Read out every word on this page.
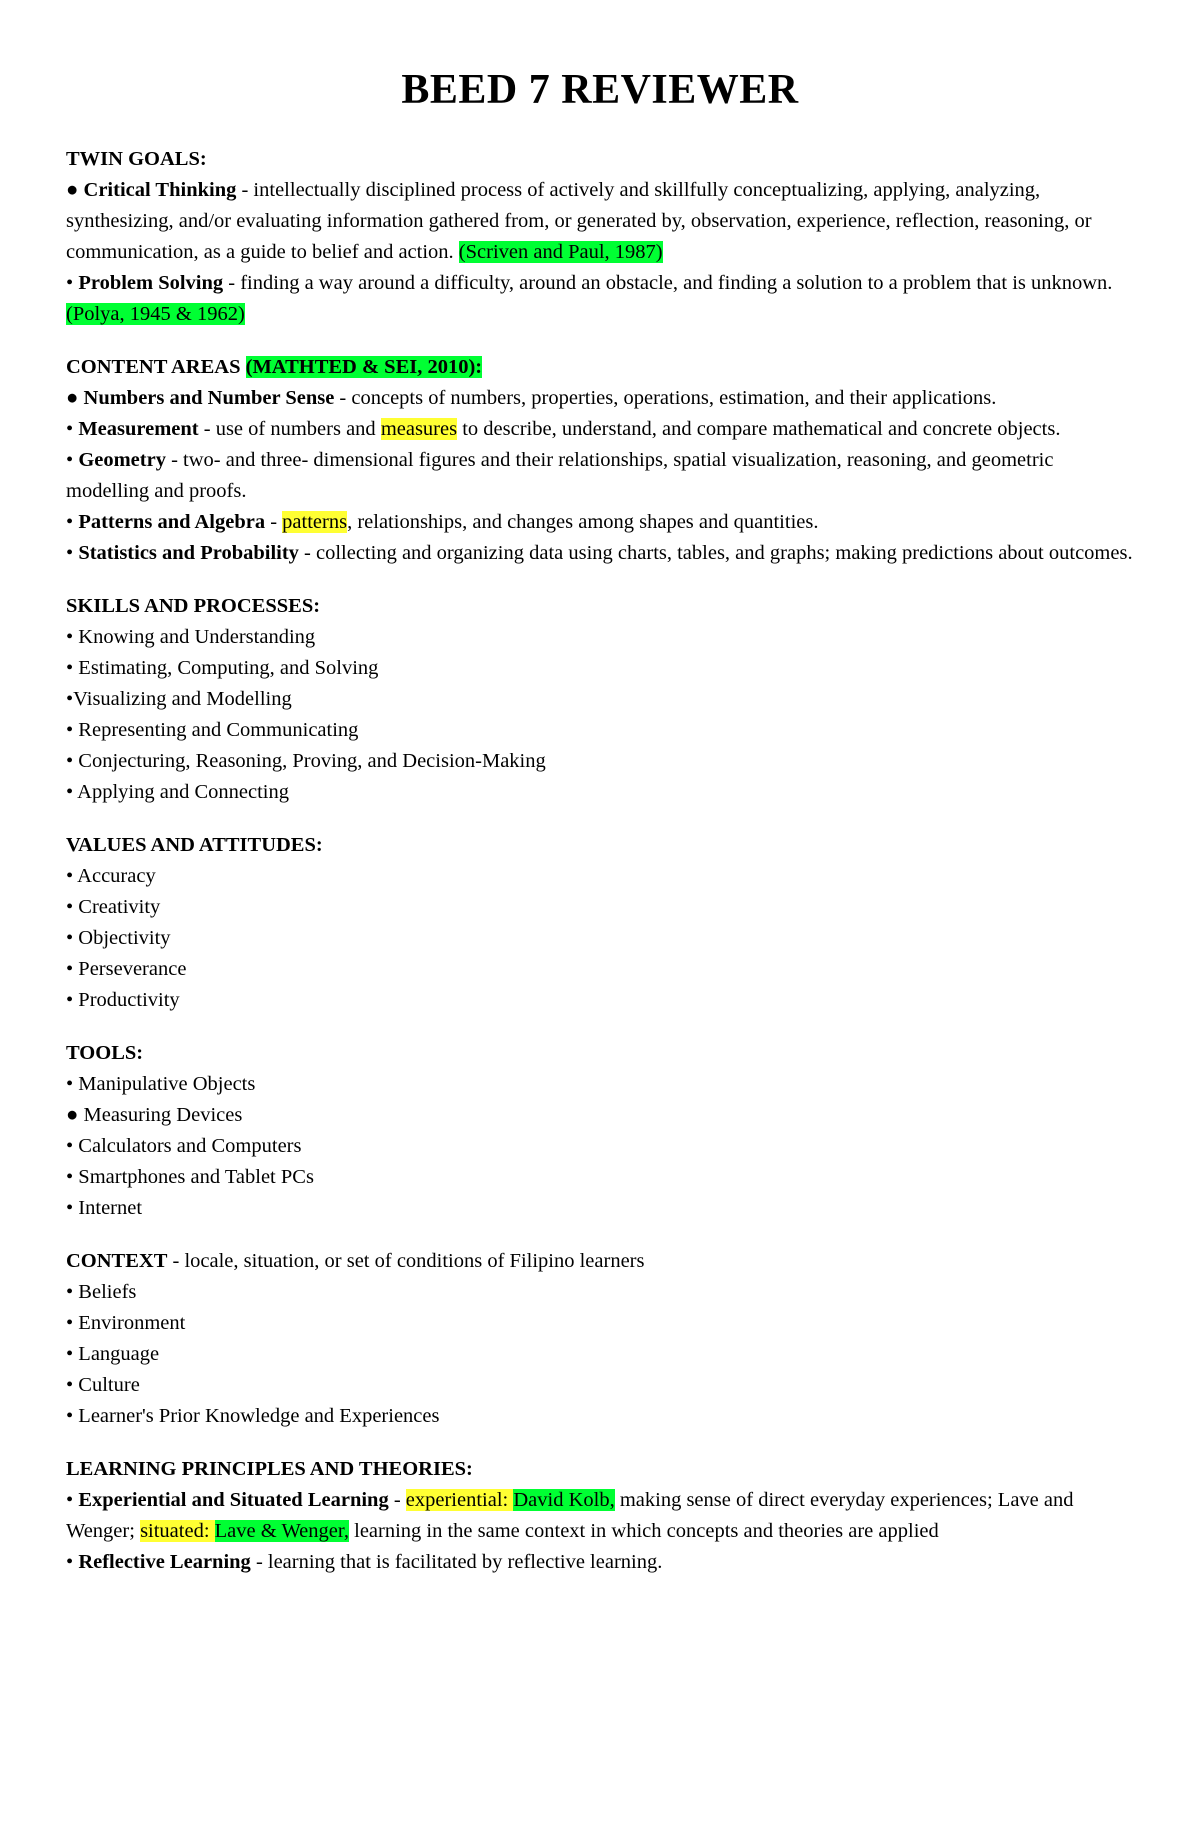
BEED 7 REVIEWER
TWIN GOALS:
● Critical Thinking - intellectually disciplined process of actively and skillfully conceptualizing, applying, analyzing, synthesizing, and/or evaluating information gathered from, or generated by, observation, experience, reflection, reasoning, or communication, as a guide to belief and action. (Scriven and Paul, 1987)
• Problem Solving - finding a way around a difficulty, around an obstacle, and finding a solution to a problem that is unknown. (Polya, 1945 & 1962)
CONTENT AREAS (MATHTED & SEI, 2010):
● Numbers and Number Sense - concepts of numbers, properties, operations, estimation, and their applications.
• Measurement - use of numbers and measures to describe, understand, and compare mathematical and concrete objects.
• Geometry - two- and three- dimensional figures and their relationships, spatial visualization, reasoning, and geometric modelling and proofs.
• Patterns and Algebra - patterns, relationships, and changes among shapes and quantities.
• Statistics and Probability - collecting and organizing data using charts, tables, and graphs; making predictions about outcomes.
SKILLS AND PROCESSES:
• Knowing and Understanding
• Estimating, Computing, and Solving
•Visualizing and Modelling
• Representing and Communicating
• Conjecturing, Reasoning, Proving, and Decision-Making
• Applying and Connecting
VALUES AND ATTITUDES:
• Accuracy
• Creativity
• Objectivity
• Perseverance
• Productivity
TOOLS:
• Manipulative Objects
● Measuring Devices
• Calculators and Computers
• Smartphones and Tablet PCs
• Internet
CONTEXT - locale, situation, or set of conditions of Filipino learners
• Beliefs
• Environment
• Language
• Culture
• Learner's Prior Knowledge and Experiences
LEARNING PRINCIPLES AND THEORIES:
• Experiential and Situated Learning - experiential: David Kolb, making sense of direct everyday experiences; Lave and Wenger; situated: Lave & Wenger, learning in the same context in which concepts and theories are applied
• Reflective Learning - learning that is facilitated by reflective learning.
